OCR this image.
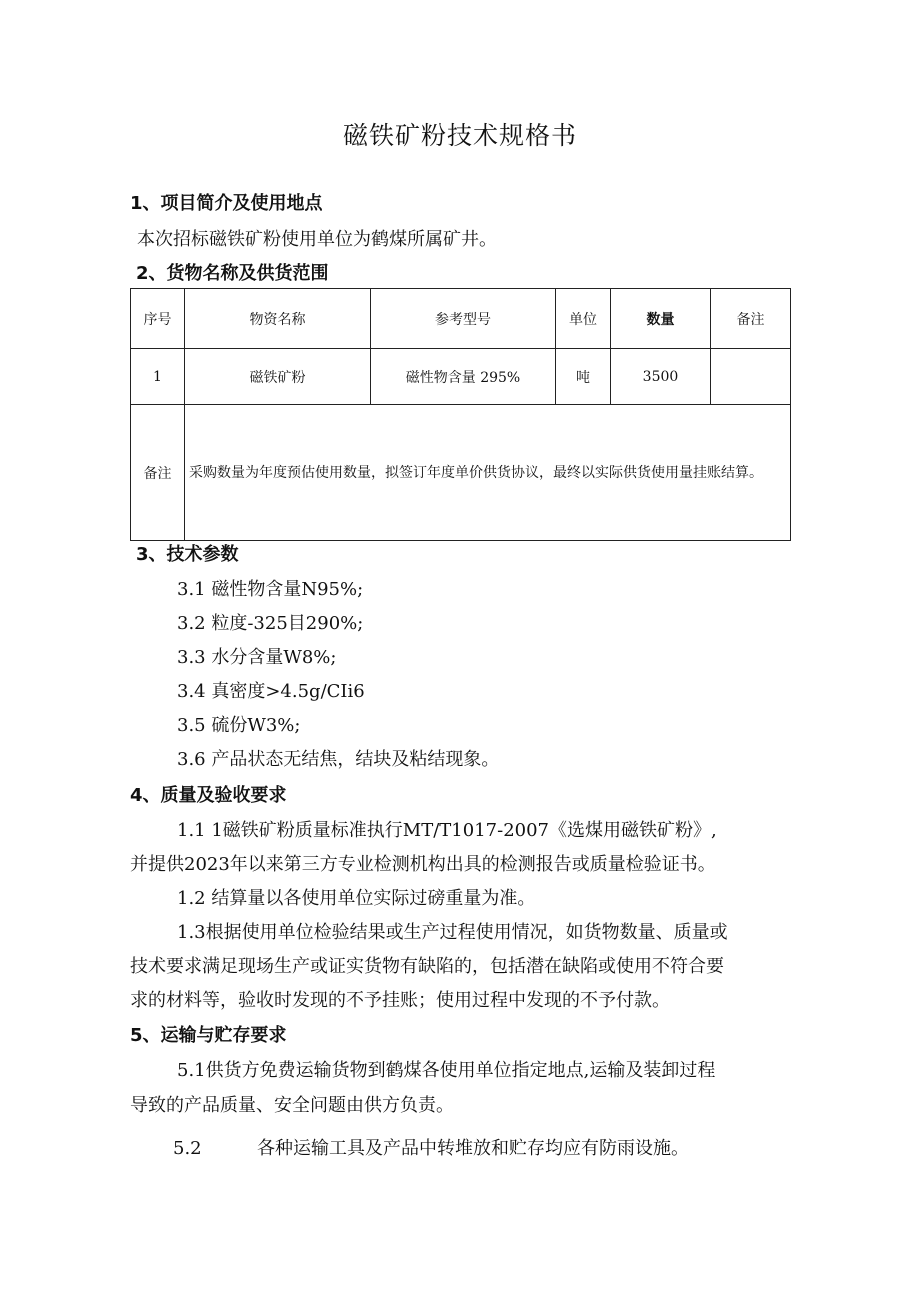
磁铁矿粉技术规格书
1、项目简介及使用地点
本次招标磁铁矿粉使用单位为鹤煤所属矿井。
2、货物名称及供货范围
序号	物资名称	参考型号	单位	数量	备注
1	磁铁矿粉	磁性物含量 295%	吨	3500	
备注	采购数量为年度预估使用数量，拟签订年度单价供货协议，最终以实际供货使用量挂账结算。				
3、技术参数
3.1 磁性物含量N95%;
3.2 粒度-325目290%;
3.3 水分含量W8%;
3.4 真密度>4.5g/CIi6
3.5 硫份W3%;
3.6 产品状态无结焦，结块及粘结现象。
4、质量及验收要求
1.1 1磁铁矿粉质量标准执行MT/T1017-2007《选煤用磁铁矿粉》,
并提供2023年以来第三方专业检测机构出具的检测报告或质量检验证书。
1.2 结算量以各使用单位实际过磅重量为准。
1.3根据使用单位检验结果或生产过程使用情况，如货物数量、质量或
技术要求满足现场生产或证实货物有缺陷的，包括潜在缺陷或使用不符合要
求的材料等，验收时发现的不予挂账；使用过程中发现的不予付款。
5、运输与贮存要求
5.1供货方免费运输货物到鹤煤各使用单位指定地点,运输及装卸过程
导致的产品质量、安全问题由供方负责。
5.2	各种运输工具及产品中转堆放和贮存均应有防雨设施。
